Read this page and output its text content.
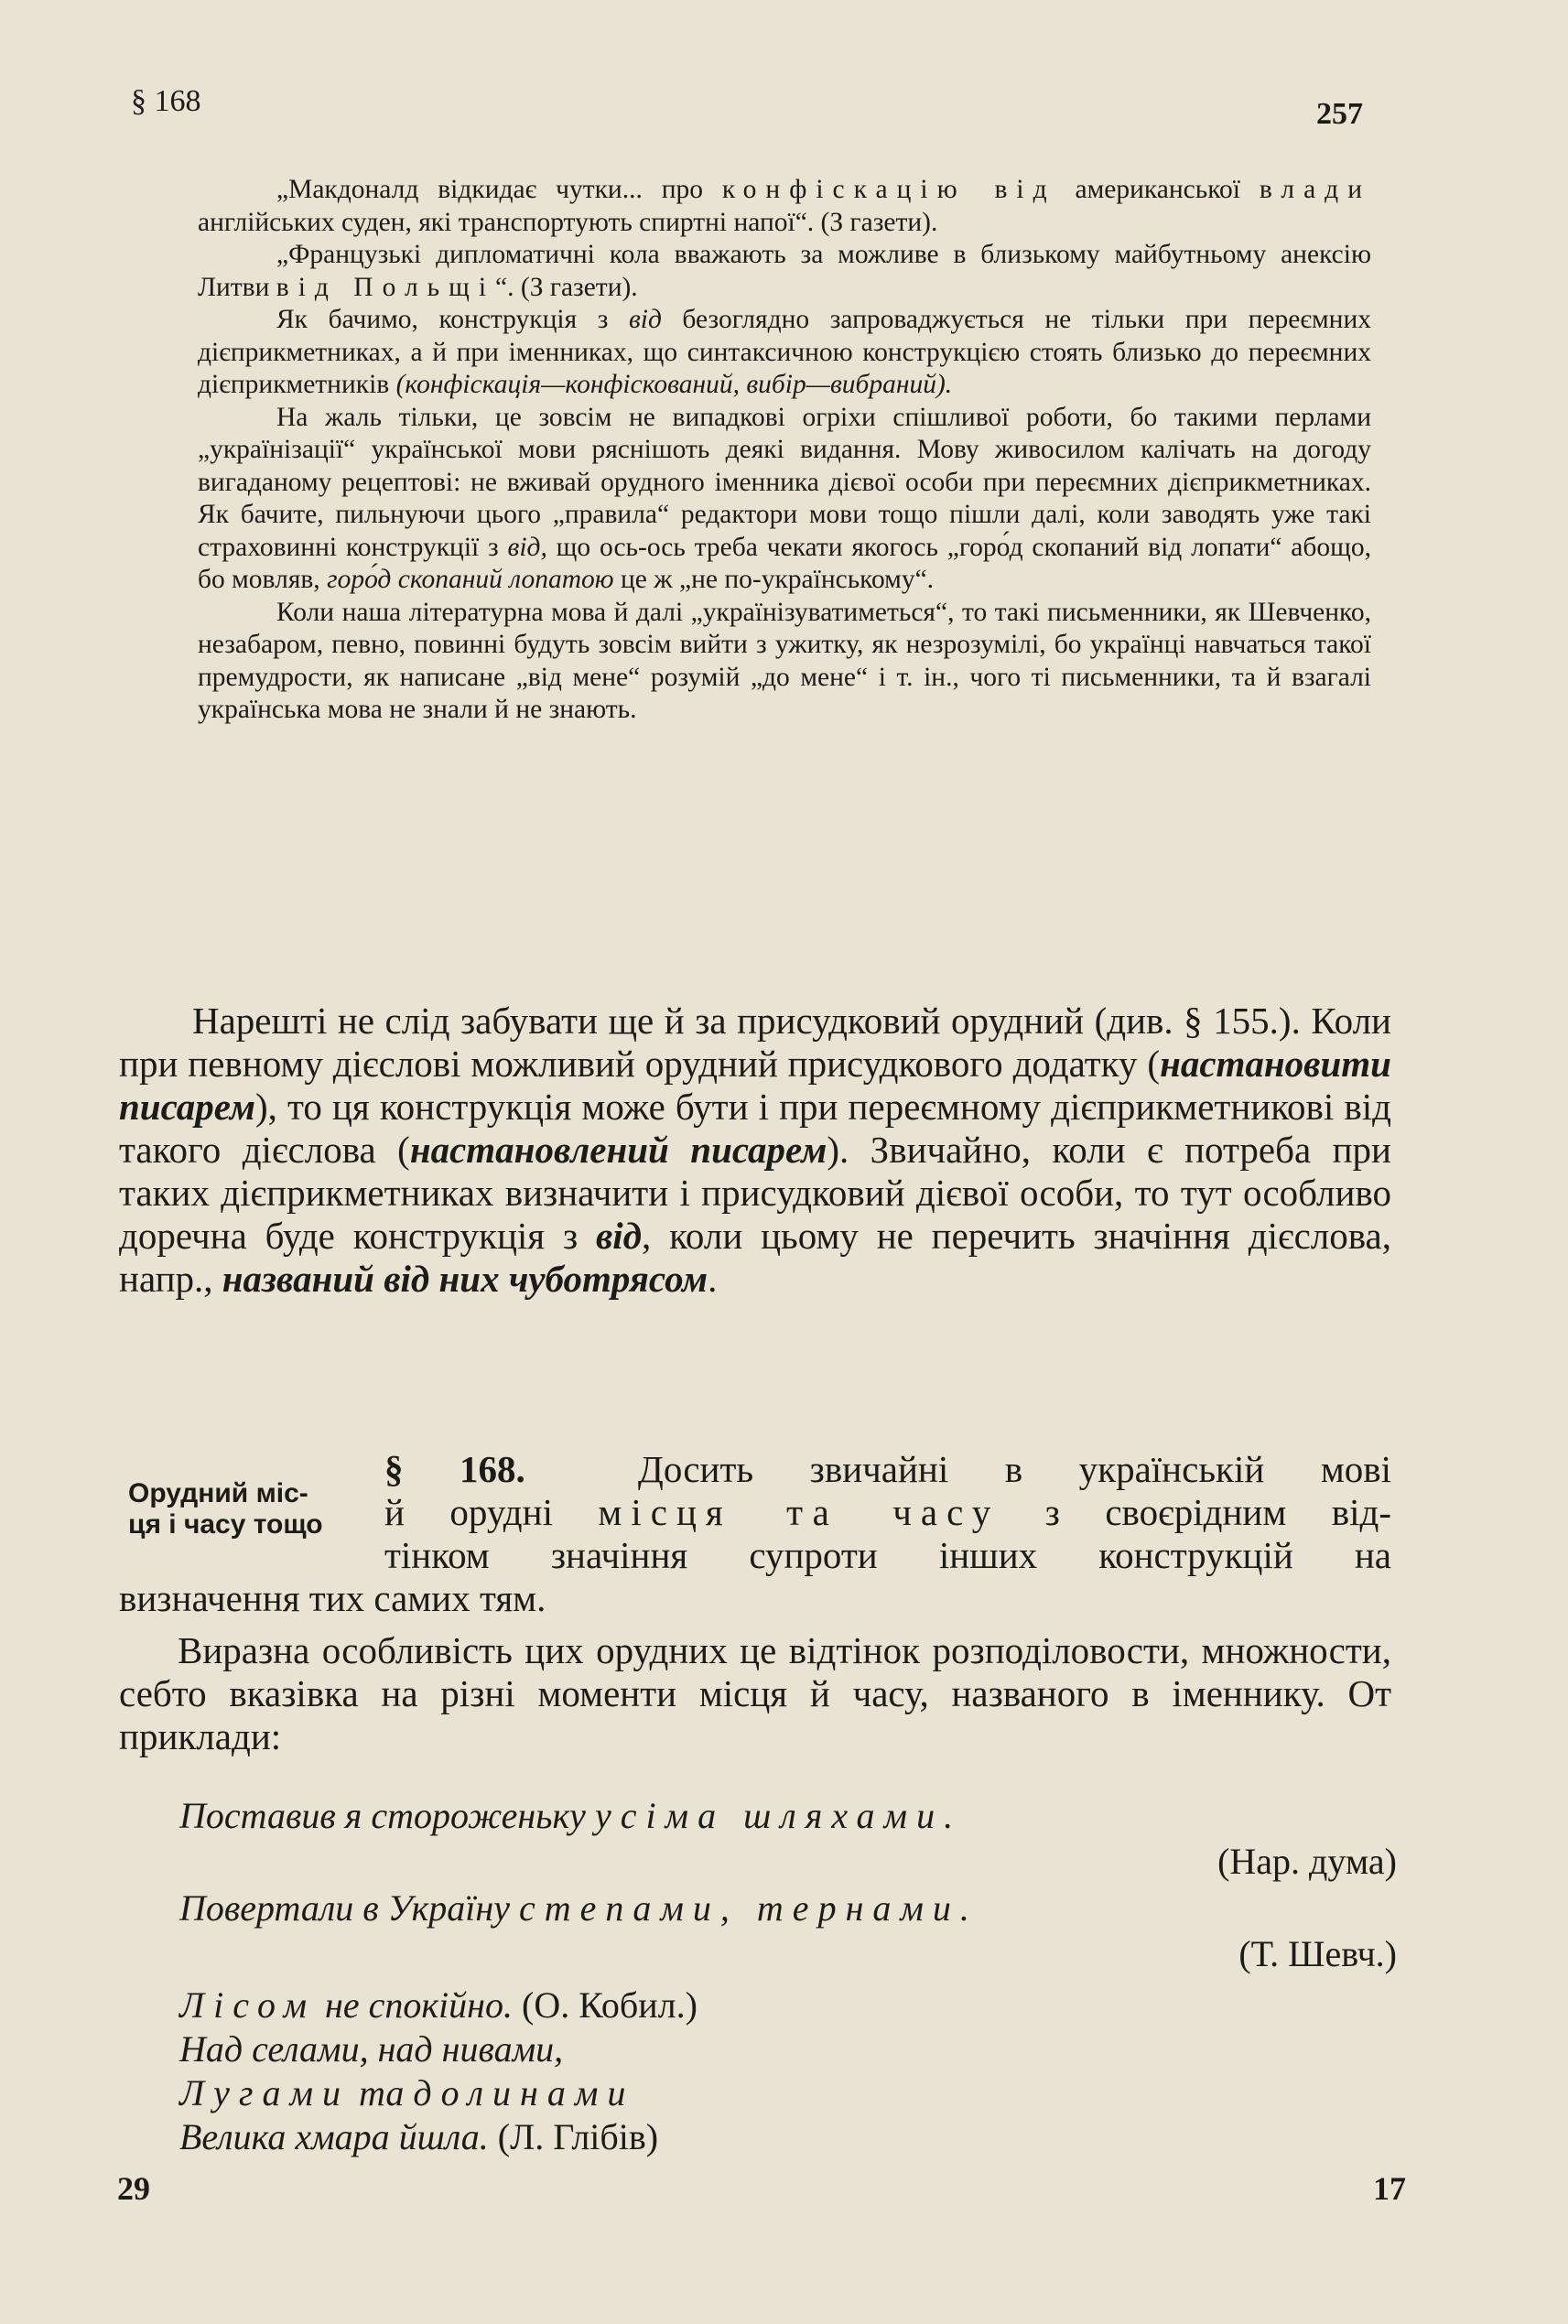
§ 168	257

„Макдоналд відкидає чутки... про конфіскацію від американської влади англійських суден, які транспортують спиртні напої“. (З газети).

„Французькі дипломатичні кола вважають за можливе в близькому майбутньому анексію Литви від Польщі“. (З газети).

Як бачимо, конструкція з від безоглядно запроваджується не тільки при переємних дієприкметниках, а й при іменниках, що синтаксичною конструкцією стоять близько до переємних дієприкметників (конфіскація—конфіскований, вибір—вибраний).

На жаль тільки, це зовсім не випадкові огріхи спішливої роботи, бо такими перлами „українізації“ української мови ряснішоть деякі видання. Мову живосилом калічать на догоду вигаданому рецептові: не вживай орудного іменника дієвої особи при переємних дієприкметниках. Як бачите, пильнуючи цього „правила“ редактори мови тощо пішли далі, коли заводять уже такі страховинні конструкції з від, що ось-ось треба чекати якогось „горо́д скопаний від лопати“ абощо, бо мовляв, горо́д скопаний лопатою це ж „не по-українському“.

Коли наша літературна мова й далі „українізуватиметься“, то такі письменники, як Шевченко, незабаром, певно, повинні будуть зовсім вийти з ужитку, як незрозумілі, бо українці навчаться такої премудрости, як написане „від мене“ розумій „до мене“ і т. ін., чого ті письменники, та й взагалі українська мова не знали й не знають.

Нарешті не слід забувати ще й за присудковий орудний (див. § 155.). Коли при певному дієслові можливий орудний присудкового додатку (настановити писарем), то ця конструкція може бути і при переємному дієприкметникові від такого дієслова (настановлений писарем). Звичайно, коли є потреба при таких дієприкметниках визначити і присудковий дієвої особи, то тут особливо доречна буде конструкція з від, коли цьому не перечить значіння дієслова, напр., названий від них чуботрясом.

Орудний міс-
ця і часу тощо
§ 168.	Досить звичайні в українській мові
й орудні місця та часу з своєрідним від-
тінком значіння супроти інших конструкцій на
визначення тих самих тям.
Виразна особливість цих орудних це відтінок розподіловости, множности, себто вказівка на різні моменти місця й часу, названого в іменнику. От приклади:
Поставив я стороженьку усіма шляхами.
(Нар. дума)
Повертали в Україну степами, тернами.
(Т. Шевч.)
Лісом не спокійно. (О. Кобил.)
Над селами, над нивами,
Лугами та долинами
Велика хмара йшла. (Л. Глібів)
29	17
